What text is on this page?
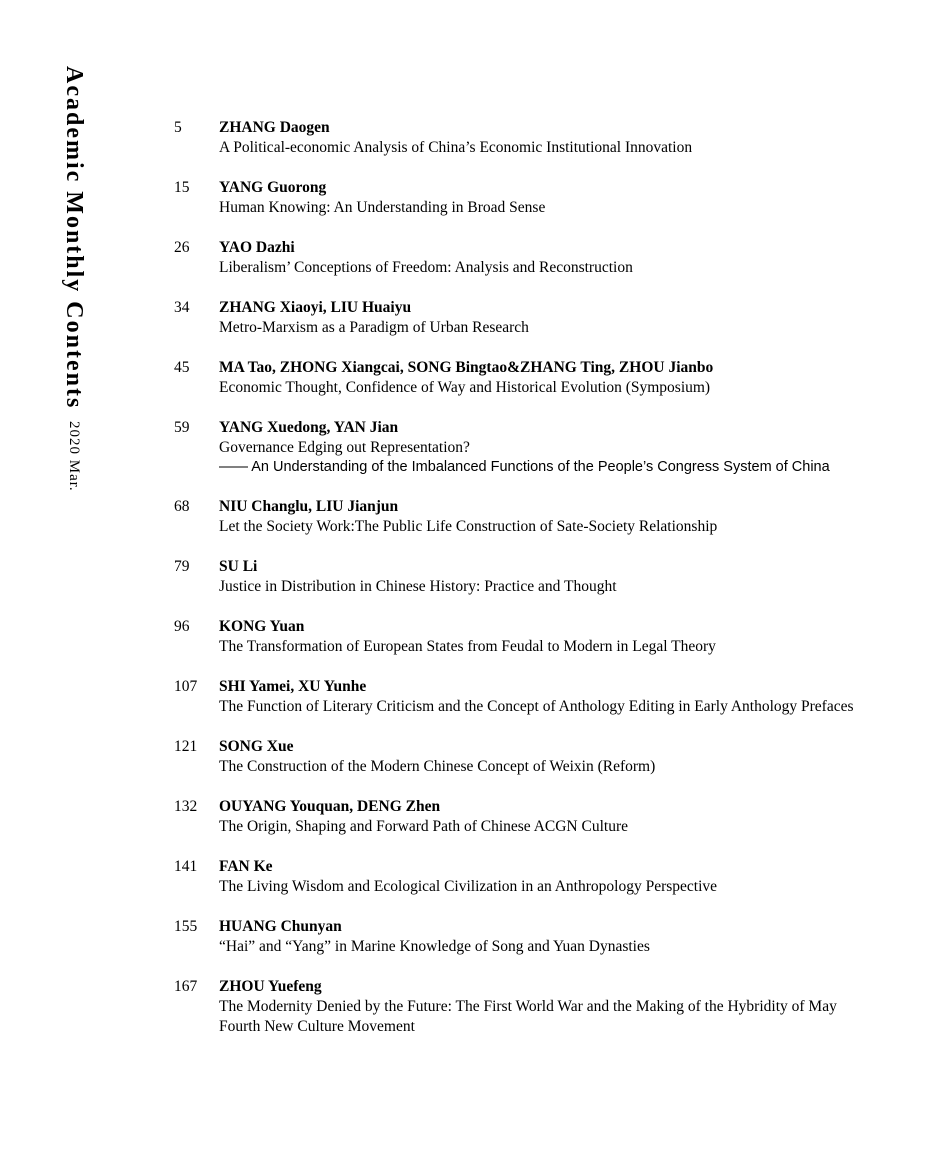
Academic Monthly Contents
2020 Mar.
5	ZHANG Daogen
A Political-economic Analysis of China’s Economic Institutional Innovation
15	YANG Guorong
Human Knowing: An Understanding in Broad Sense
26	YAO Dazhi
Liberalism’ Conceptions of Freedom: Analysis and Reconstruction
34	ZHANG Xiaoyi, LIU Huaiyu
Metro-Marxism as a Paradigm of Urban Research
45	MA Tao, ZHONG Xiangcai, SONG Bingtao&ZHANG Ting, ZHOU Jianbo
Economic Thought, Confidence of Way and Historical Evolution (Symposium)
59	YANG Xuedong, YAN Jian
Governance Edging out Representation?
—— An Understanding of the Imbalanced Functions of the People’s Congress System of China
68	NIU Changlu, LIU Jianjun
Let the Society Work:The Public Life Construction of Sate-Society Relationship
79	SU Li
Justice in Distribution in Chinese History: Practice and Thought
96	KONG Yuan
The Transformation of European States from Feudal to Modern in Legal Theory
107	SHI Yamei, XU Yunhe
The Function of Literary Criticism and the Concept of Anthology Editing in Early Anthology Prefaces
121	SONG Xue
The Construction of the Modern Chinese Concept of Weixin (Reform)
132	OUYANG Youquan, DENG Zhen
The Origin, Shaping and Forward Path of Chinese ACGN Culture
141	FAN Ke
The Living Wisdom and Ecological Civilization in an Anthropology Perspective
155	HUANG Chunyan
“Hai” and “Yang” in Marine Knowledge of Song and Yuan Dynasties
167	ZHOU Yuefeng
The Modernity Denied by the Future: The First World War and the Making of the Hybridity of May Fourth New Culture Movement
